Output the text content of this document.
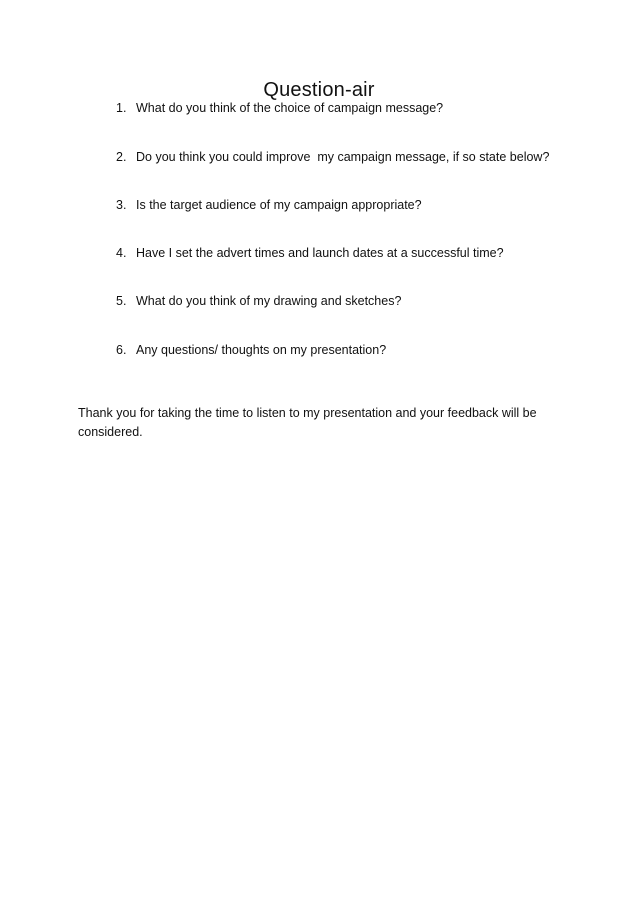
Question-air
1. What do you think of the choice of campaign message?
2. Do you think you could improve  my campaign message, if so state below?
3. Is the target audience of my campaign appropriate?
4. Have I set the advert times and launch dates at a successful time?
5. What do you think of my drawing and sketches?
6. Any questions/ thoughts on my presentation?

Thank you for taking the time to listen to my presentation and your feedback will be considered.
